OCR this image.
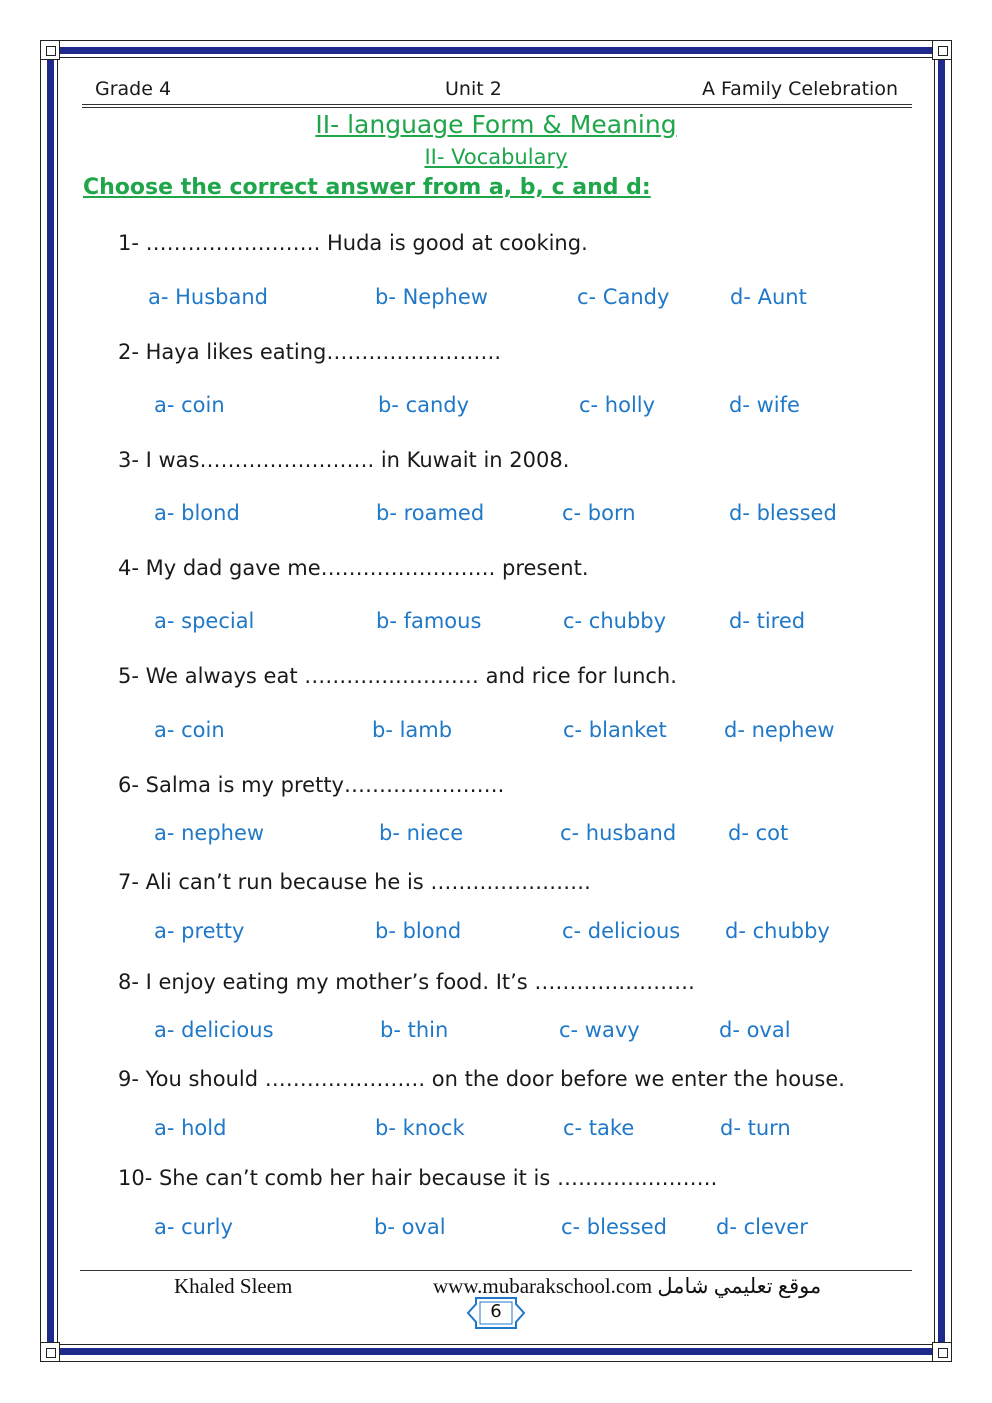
Grade 4	Unit 2	A Family Celebration
II- language Form & Meaning
II- Vocabulary
Choose the correct answer from a, b, c and d:
1- ……………………. Huda is good at cooking.
a- Husband	b- Nephew	c- Candy	d- Aunt
2- Haya likes eating…………………….
a- coin	b- candy	c- holly	d- wife
3- I was……………………. in Kuwait in 2008.
a- blond	b- roamed	c- born	d- blessed
4- My dad gave me……………………. present.
a- special	b- famous	c- chubby	d- tired
5- We always eat ………….………… and rice for lunch.
a- coin	b- lamb	c- blanket	d- nephew
6- Salma is my pretty………….……….
a- nephew	b- niece	c- husband d- cot
7- Ali can’t run because he is ……….………….
a- pretty	b- blond	c- delicious d- chubby
8- I enjoy eating my mother’s food. It’s ………….……….
a- delicious	b- thin	c- wavy	d- oval
9- You should ………….………. on the door before we enter the house.
a- hold	b- knock	c- take	d- turn
10- She can’t comb her hair because it is ………….……….
a- curly	b- oval	c- blessed d- clever
Khaled Sleem	www.mubarakschool.com موقع تعليمي شامل
6
